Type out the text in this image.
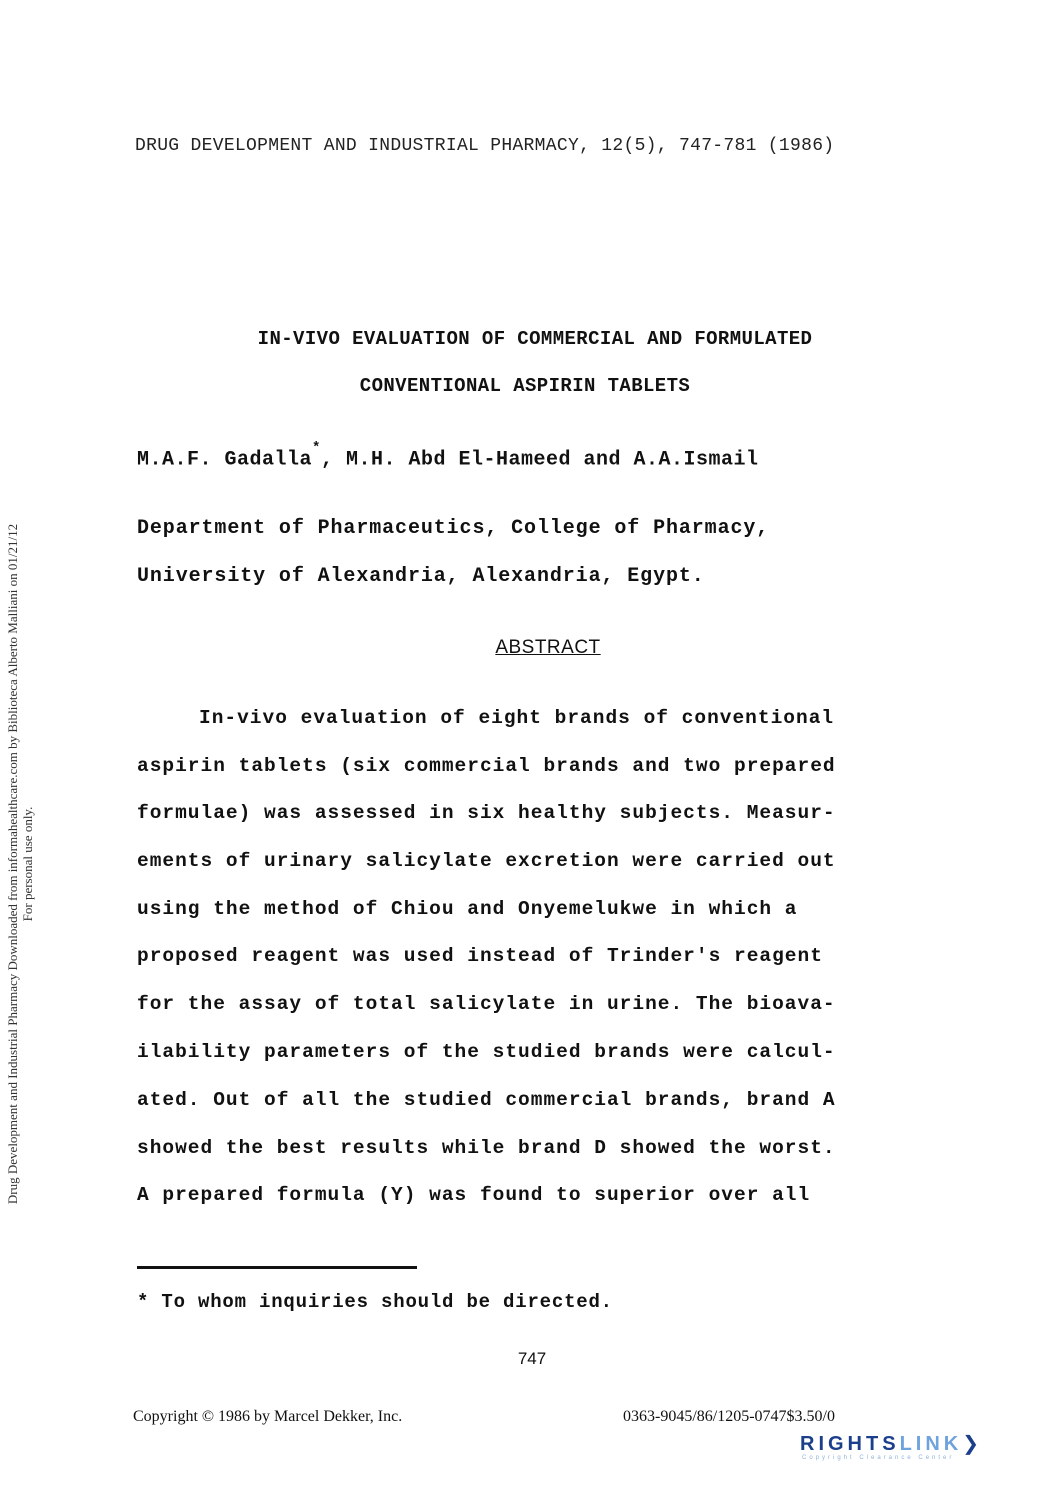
DRUG DEVELOPMENT AND INDUSTRIAL PHARMACY, 12(5), 747-781 (1986)
IN-VIVO EVALUATION OF COMMERCIAL AND FORMULATED
CONVENTIONAL ASPIRIN TABLETS
M.A.F. Gadalla*, M.H. Abd El-Hameed and A.A.Ismail
Department of Pharmaceutics, College of Pharmacy,
University of Alexandria, Alexandria, Egypt.
ABSTRACT
In-vivo evaluation of eight brands of conventional
aspirin tablets (six commercial brands and two prepared
formulae) was assessed in six healthy subjects. Measur-
ements of urinary salicylate excretion were carried out
using the method of Chiou and Onyemelukwe in which a
proposed reagent was used instead of Trinder's reagent
for the assay of total salicylate in urine. The bioava-
ilability parameters of the studied brands were calcul-
ated. Out of all the studied commercial brands, brand A
showed the best results while brand D showed the worst.
A prepared formula (Y) was found to superior over all
* To whom inquiries should be directed.
747
Copyright © 1986 by Marcel Dekker, Inc.	0363-9045/86/1205-0747$3.50/0
Drug Development and Industrial Pharmacy Downloaded from informahealthcare.com by Biblioteca Alberto Malliani on 01/21/12 For personal use only.
RIGHTSLINK❯
Copyright Clearance Center
